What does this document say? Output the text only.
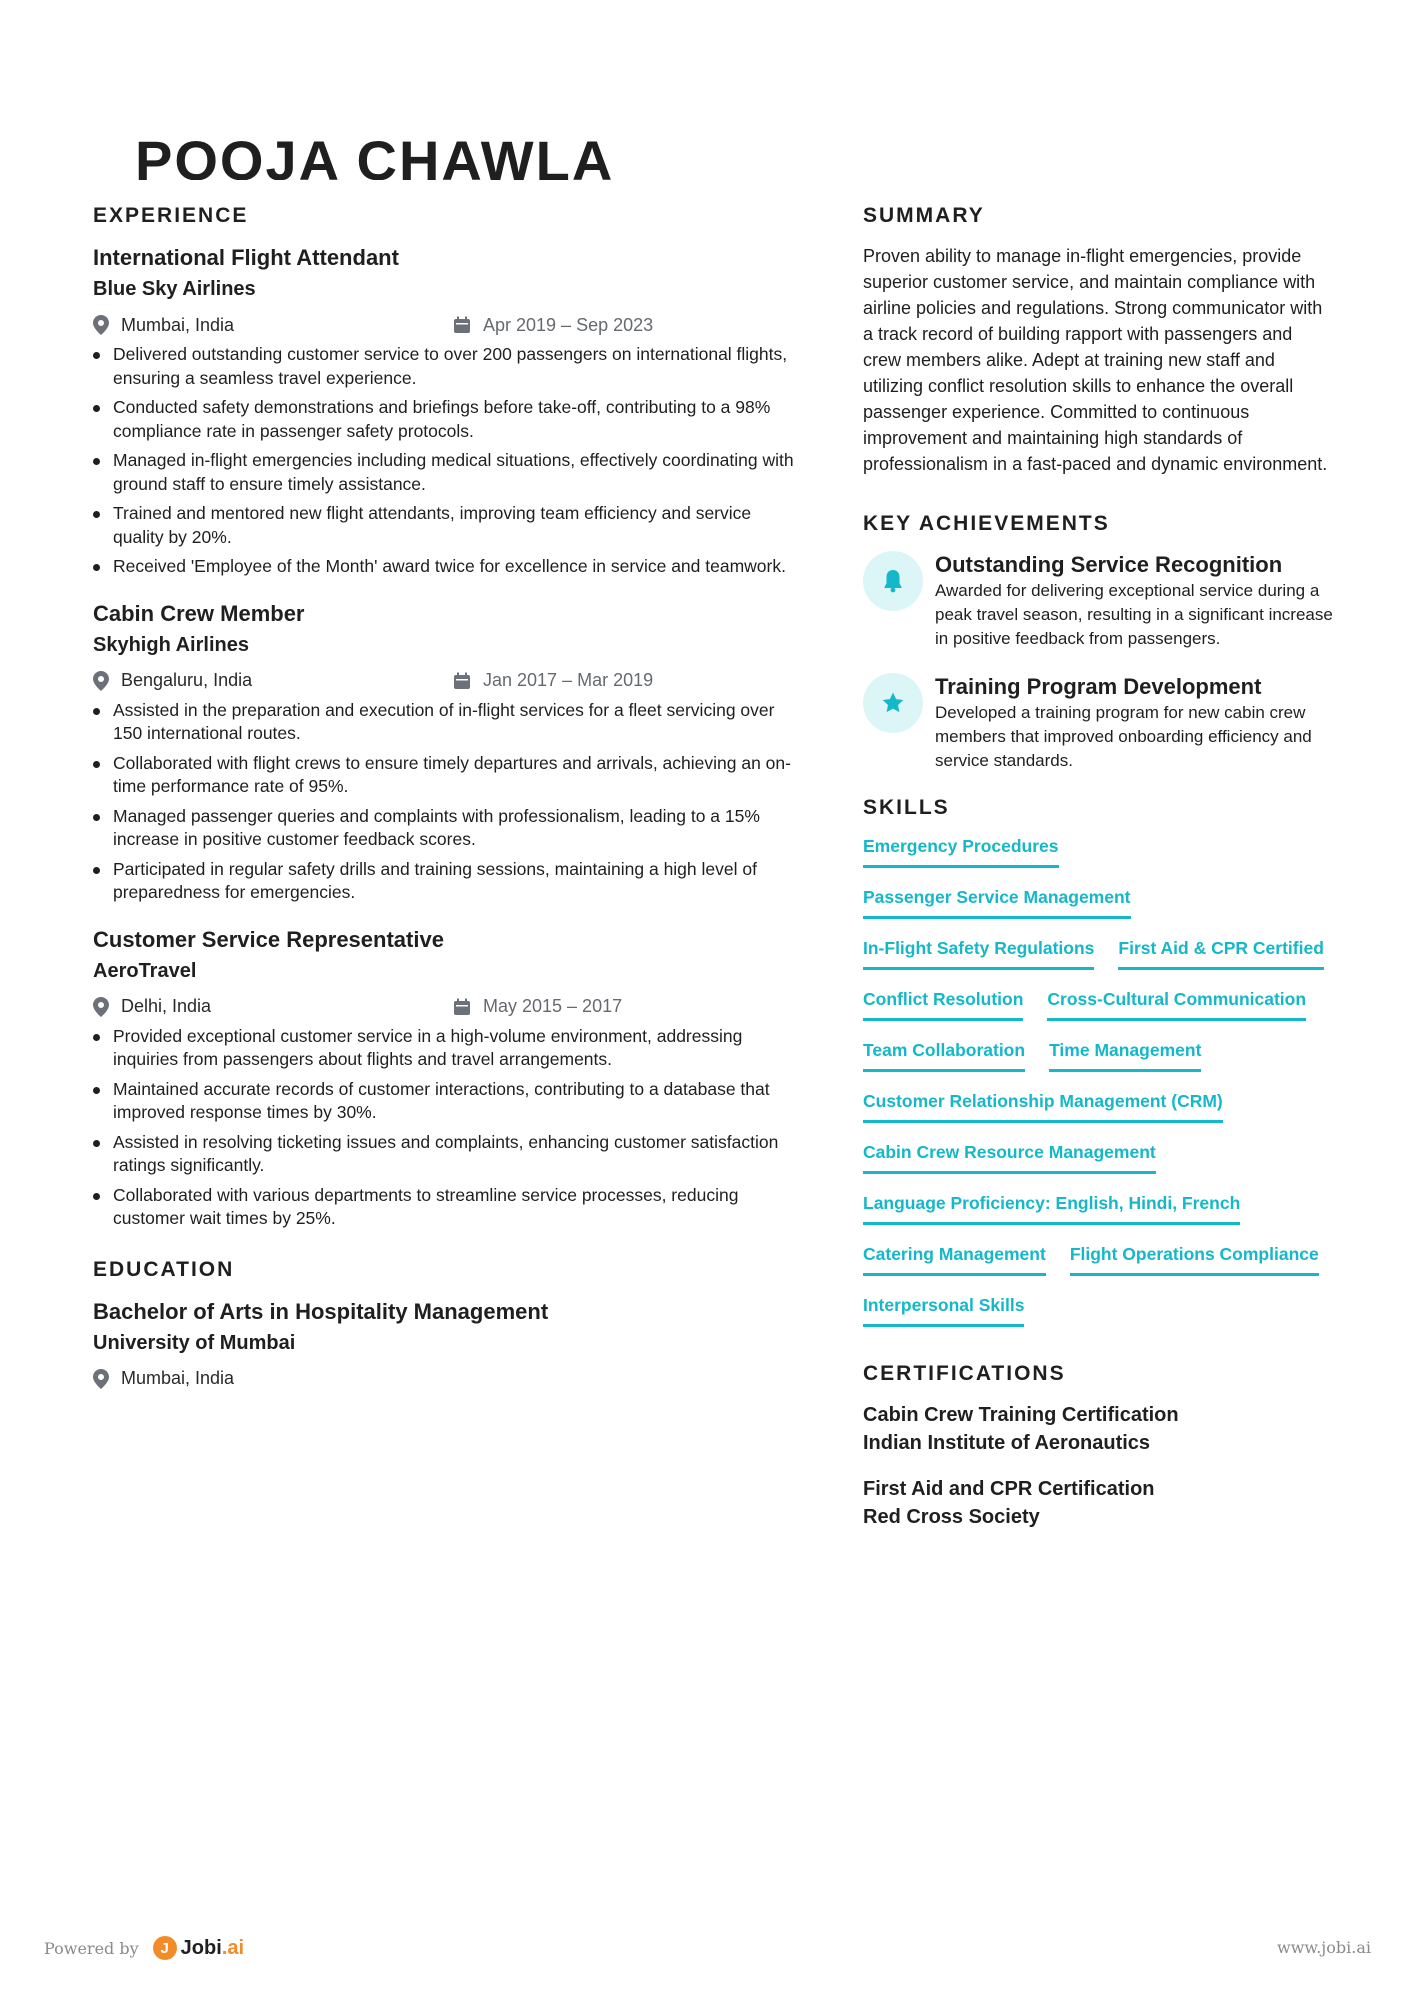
POOJA CHAWLA
EXPERIENCE
International Flight Attendant
Blue Sky Airlines
Mumbai, India	Apr 2019 – Sep 2023
Delivered outstanding customer service to over 200 passengers on international flights, ensuring a seamless travel experience.
Conducted safety demonstrations and briefings before take-off, contributing to a 98% compliance rate in passenger safety protocols.
Managed in-flight emergencies including medical situations, effectively coordinating with ground staff to ensure timely assistance.
Trained and mentored new flight attendants, improving team efficiency and service quality by 20%.
Received 'Employee of the Month' award twice for excellence in service and teamwork.
Cabin Crew Member
Skyhigh Airlines
Bengaluru, India	Jan 2017 – Mar 2019
Assisted in the preparation and execution of in-flight services for a fleet servicing over 150 international routes.
Collaborated with flight crews to ensure timely departures and arrivals, achieving an on-time performance rate of 95%.
Managed passenger queries and complaints with professionalism, leading to a 15% increase in positive customer feedback scores.
Participated in regular safety drills and training sessions, maintaining a high level of preparedness for emergencies.
Customer Service Representative
AeroTravel
Delhi, India	May 2015 – 2017
Provided exceptional customer service in a high-volume environment, addressing inquiries from passengers about flights and travel arrangements.
Maintained accurate records of customer interactions, contributing to a database that improved response times by 30%.
Assisted in resolving ticketing issues and complaints, enhancing customer satisfaction ratings significantly.
Collaborated with various departments to streamline service processes, reducing customer wait times by 25%.
EDUCATION
Bachelor of Arts in Hospitality Management
University of Mumbai
Mumbai, India
SUMMARY

Proven ability to manage in-flight emergencies, provide superior customer service, and maintain compliance with airline policies and regulations. Strong communicator with a track record of building rapport with passengers and crew members alike. Adept at training new staff and utilizing conflict resolution skills to enhance the overall passenger experience. Committed to continuous improvement and maintaining high standards of professionalism in a fast-paced and dynamic environment.

KEY ACHIEVEMENTS
Outstanding Service Recognition
Awarded for delivering exceptional service during a peak travel season, resulting in a significant increase in positive feedback from passengers.
Training Program Development
Developed a training program for new cabin crew members that improved onboarding efficiency and service standards.
SKILLS
Emergency Procedures
Passenger Service Management
In-Flight Safety Regulations First Aid & CPR Certified
Conflict Resolution Cross-Cultural Communication
Team Collaboration Time Management
Customer Relationship Management (CRM)
Cabin Crew Resource Management
Language Proficiency: English, Hindi, French
Catering Management Flight Operations Compliance
Interpersonal Skills
CERTIFICATIONS
Cabin Crew Training Certification
Indian Institute of Aeronautics
First Aid and CPR Certification
Red Cross Society
Powered by	J Jobi.ai	www.jobi.ai
